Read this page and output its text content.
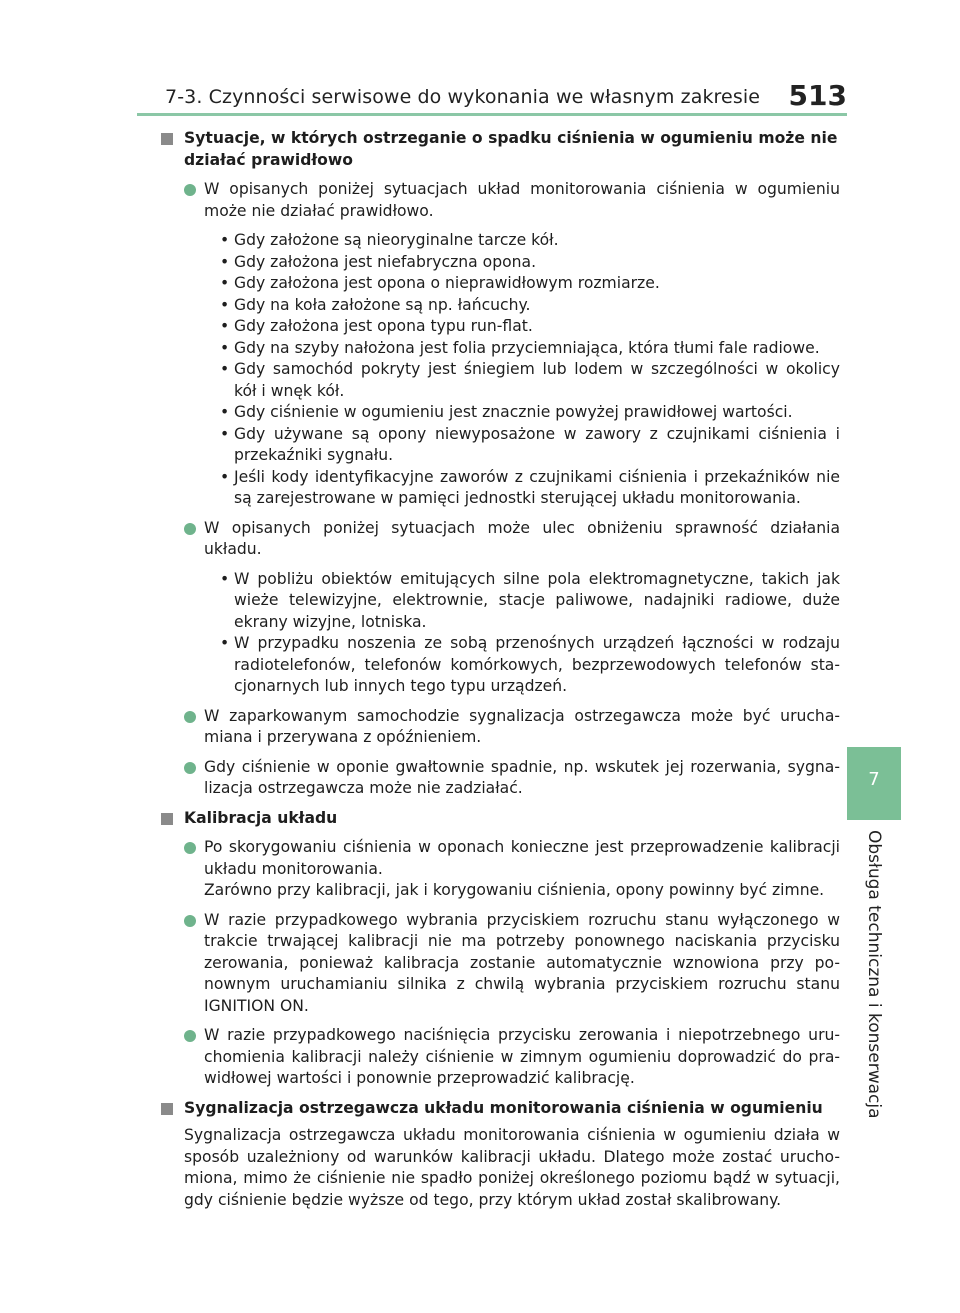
7-3. Czynności serwisowe do wykonania we własnym zakresie 513
7
Obsługa techniczna i konserwacja
Sytuacje, w których ostrzeganie o spadku ciśnienia w ogumieniu może nie działać prawidłowo
W opisanych poniżej sytuacjach układ monitorowania ciśnienia w ogumieniu może nie działać prawidłowo.
• Gdy założone są nieoryginalne tarcze kół.
• Gdy założona jest niefabryczna opona.
• Gdy założona jest opona o nieprawidłowym rozmiarze.
• Gdy na koła założone są np. łańcuchy.
• Gdy założona jest opona typu run-flat.
• Gdy na szyby nałożona jest folia przyciemniająca, która tłumi fale radiowe.
• Gdy samochód pokryty jest śniegiem lub lodem w szczególności w okolicy kół i wnęk kół.
• Gdy ciśnienie w ogumieniu jest znacznie powyżej prawidłowej wartości.
• Gdy używane są opony niewyposażone w zawory z czujnikami ciśnienia i przekaźniki sygnału.
• Jeśli kody identyfikacyjne zaworów z czujnikami ciśnienia i przekaźników nie są zarejestrowane w pamięci jednostki sterującej układu monitorowania.
W opisanych poniżej sytuacjach może ulec obniżeniu sprawność działania układu.
• W pobliżu obiektów emitujących silne pola elektromagnetyczne, takich jak wieże telewizyjne, elektrownie, stacje paliwowe, nadajniki radiowe, duże ekrany wizyjne, lotniska.
• W przypadku noszenia ze sobą przenośnych urządzeń łączności w rodzaju radiotelefonów, telefonów komórkowych, bezprzewodowych telefonów sta-cjonarnych lub innych tego typu urządzeń.
W zaparkowanym samochodzie sygnalizacja ostrzegawcza może być urucha-miana i przerywana z opóźnieniem.
Gdy ciśnienie w oponie gwałtownie spadnie, np. wskutek jej rozerwania, sygna-lizacja ostrzegawcza może nie zadziałać.
Kalibracja układu
Po skorygowaniu ciśnienia w oponach konieczne jest przeprowadzenie kalibracji układu monitorowania.
Zarówno przy kalibracji, jak i korygowaniu ciśnienia, opony powinny być zimne.
W razie przypadkowego wybrania przyciskiem rozruchu stanu wyłączonego w trakcie trwającej kalibracji nie ma potrzeby ponownego naciskania przycisku zerowania, ponieważ kalibracja zostanie automatycznie wznowiona przy po-nownym uruchamianiu silnika z chwilą wybrania przyciskiem rozruchu stanu IGNITION ON.
W razie przypadkowego naciśnięcia przycisku zerowania i niepotrzebnego uru-chomienia kalibracji należy ciśnienie w zimnym ogumieniu doprowadzić do pra-widłowej wartości i ponownie przeprowadzić kalibrację.
Sygnalizacja ostrzegawcza układu monitorowania ciśnienia w ogumieniu
Sygnalizacja ostrzegawcza układu monitorowania ciśnienia w ogumieniu działa w sposób uzależniony od warunków kalibracji układu. Dlatego może zostać urucho-miona, mimo że ciśnienie nie spadło poniżej określonego poziomu bądź w sytuacji, gdy ciśnienie będzie wyższe od tego, przy którym układ został skalibrowany.
